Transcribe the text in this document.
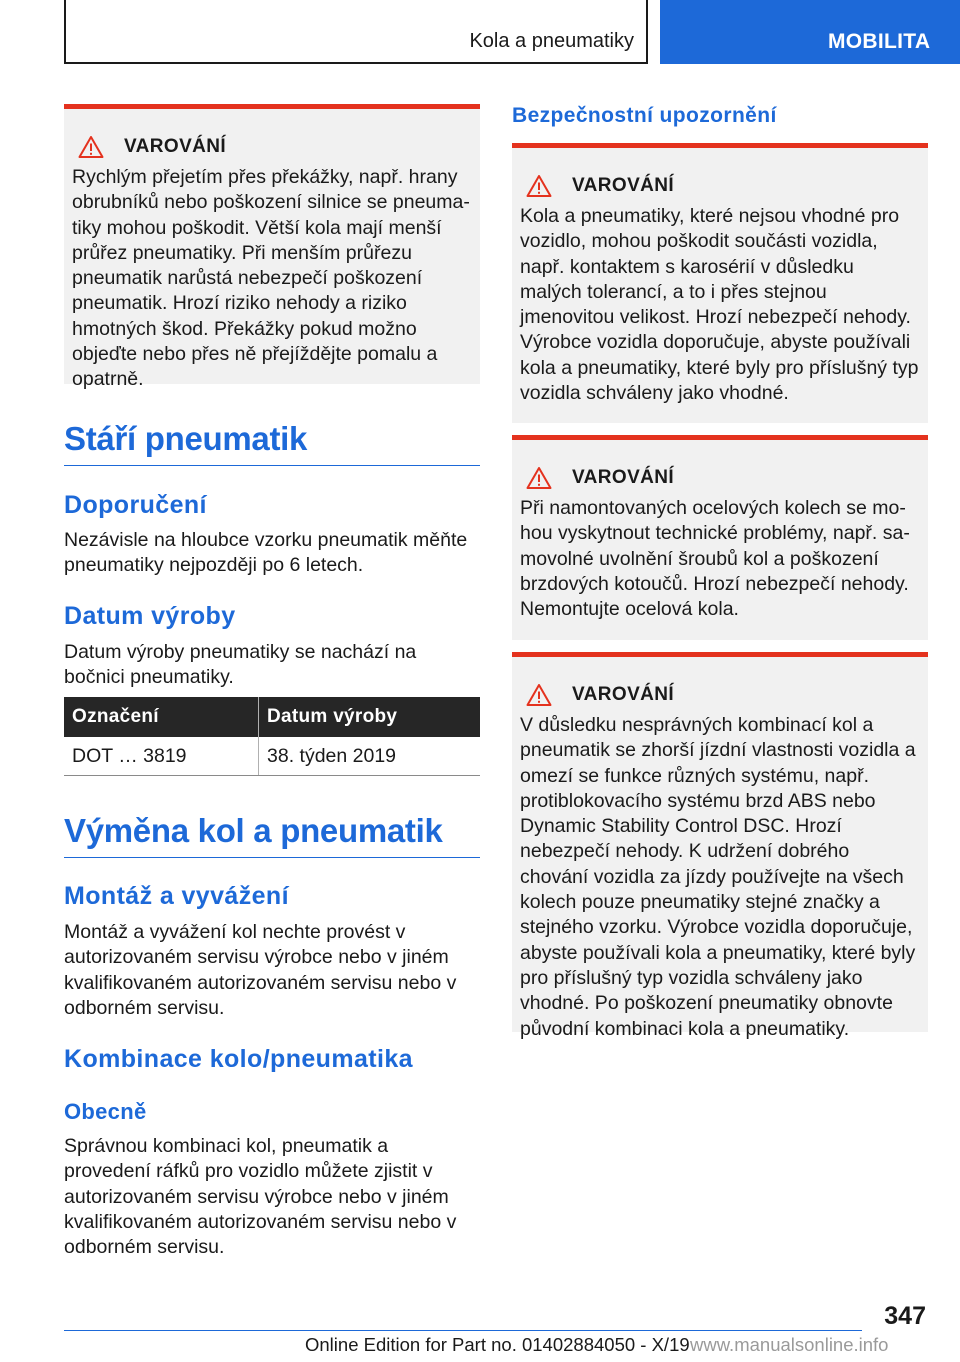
Kola a pneumatiky	MOBILITA
VAROVÁNÍ

Rychlým přejetím přes překážky, např. hrany obrubníků nebo poškození silnice se pneumatiky mohou poškodit. Větší kola mají menší průřez pneumatiky. Při menším průřezu pneumatik narůstá nebezpečí poškození pneumatik. Hrozí riziko nehody a riziko hmotných škod. Překážky pokud možno objeďte nebo přes ně přejíždějte pomalu a opatrně.

Stáří pneumatik
Doporučení

Nezávisle na hloubce vzorku pneumatik měňte pneumatiky nejpozději po 6 letech.

Datum výroby

Datum výroby pneumatiky se nachází na bočnici pneumatiky.

Označení	Datum výroby
DOT … 3819	38. týden 2019
Výměna kol a pneumatik
Montáž a vyvážení

Montáž a vyvážení kol nechte provést v autorizovaném servisu výrobce nebo v jiném kvalifikovaném autorizovaném servisu nebo v odborném servisu.

Kombinace kolo/pneumatika
Obecně

Správnou kombinaci kol, pneumatik a provedení ráfků pro vozidlo můžete zjistit v autorizovaném servisu výrobce nebo v jiném kvalifikovaném autorizovaném servisu nebo v odborném servisu.

Bezpečnostní upozornění
VAROVÁNÍ

Kola a pneumatiky, které nejsou vhodné pro vozidlo, mohou poškodit součásti vozidla, např. kontaktem s karosérií v důsledku malých tolerancí, a to i přes stejnou jmenovitou velikost. Hrozí nebezpečí nehody. Výrobce vozidla doporučuje, abyste používali kola a pneumatiky, které byly pro příslušný typ vozidla schváleny jako vhodné.

VAROVÁNÍ

Při namontovaných ocelových kolech se mohou vyskytnout technické problémy, např. samovolné uvolnění šroubů kol a poškození brzdových kotoučů. Hrozí nebezpečí nehody. Nemontujte ocelová kola.

VAROVÁNÍ

V důsledku nesprávných kombinací kol a pneumatik se zhorší jízdní vlastnosti vozidla a omezí se funkce různých systému, např. protiblokovacího systému brzd ABS nebo Dynamic Stability Control DSC. Hrozí nebezpečí nehody. K udržení dobrého chování vozidla za jízdy používejte na všech kolech pouze pneumatiky stejné značky a stejného vzorku. Výrobce vozidla doporučuje, abyste používali kola a pneumatiky, které byly pro příslušný typ vozidla schváleny jako vhodné. Po poškození pneumatiky obnovte původní kombinaci kola a pneumatiky.

347
Online Edition for Part no. 01402884050 - X/19 www.manualsonline.info
